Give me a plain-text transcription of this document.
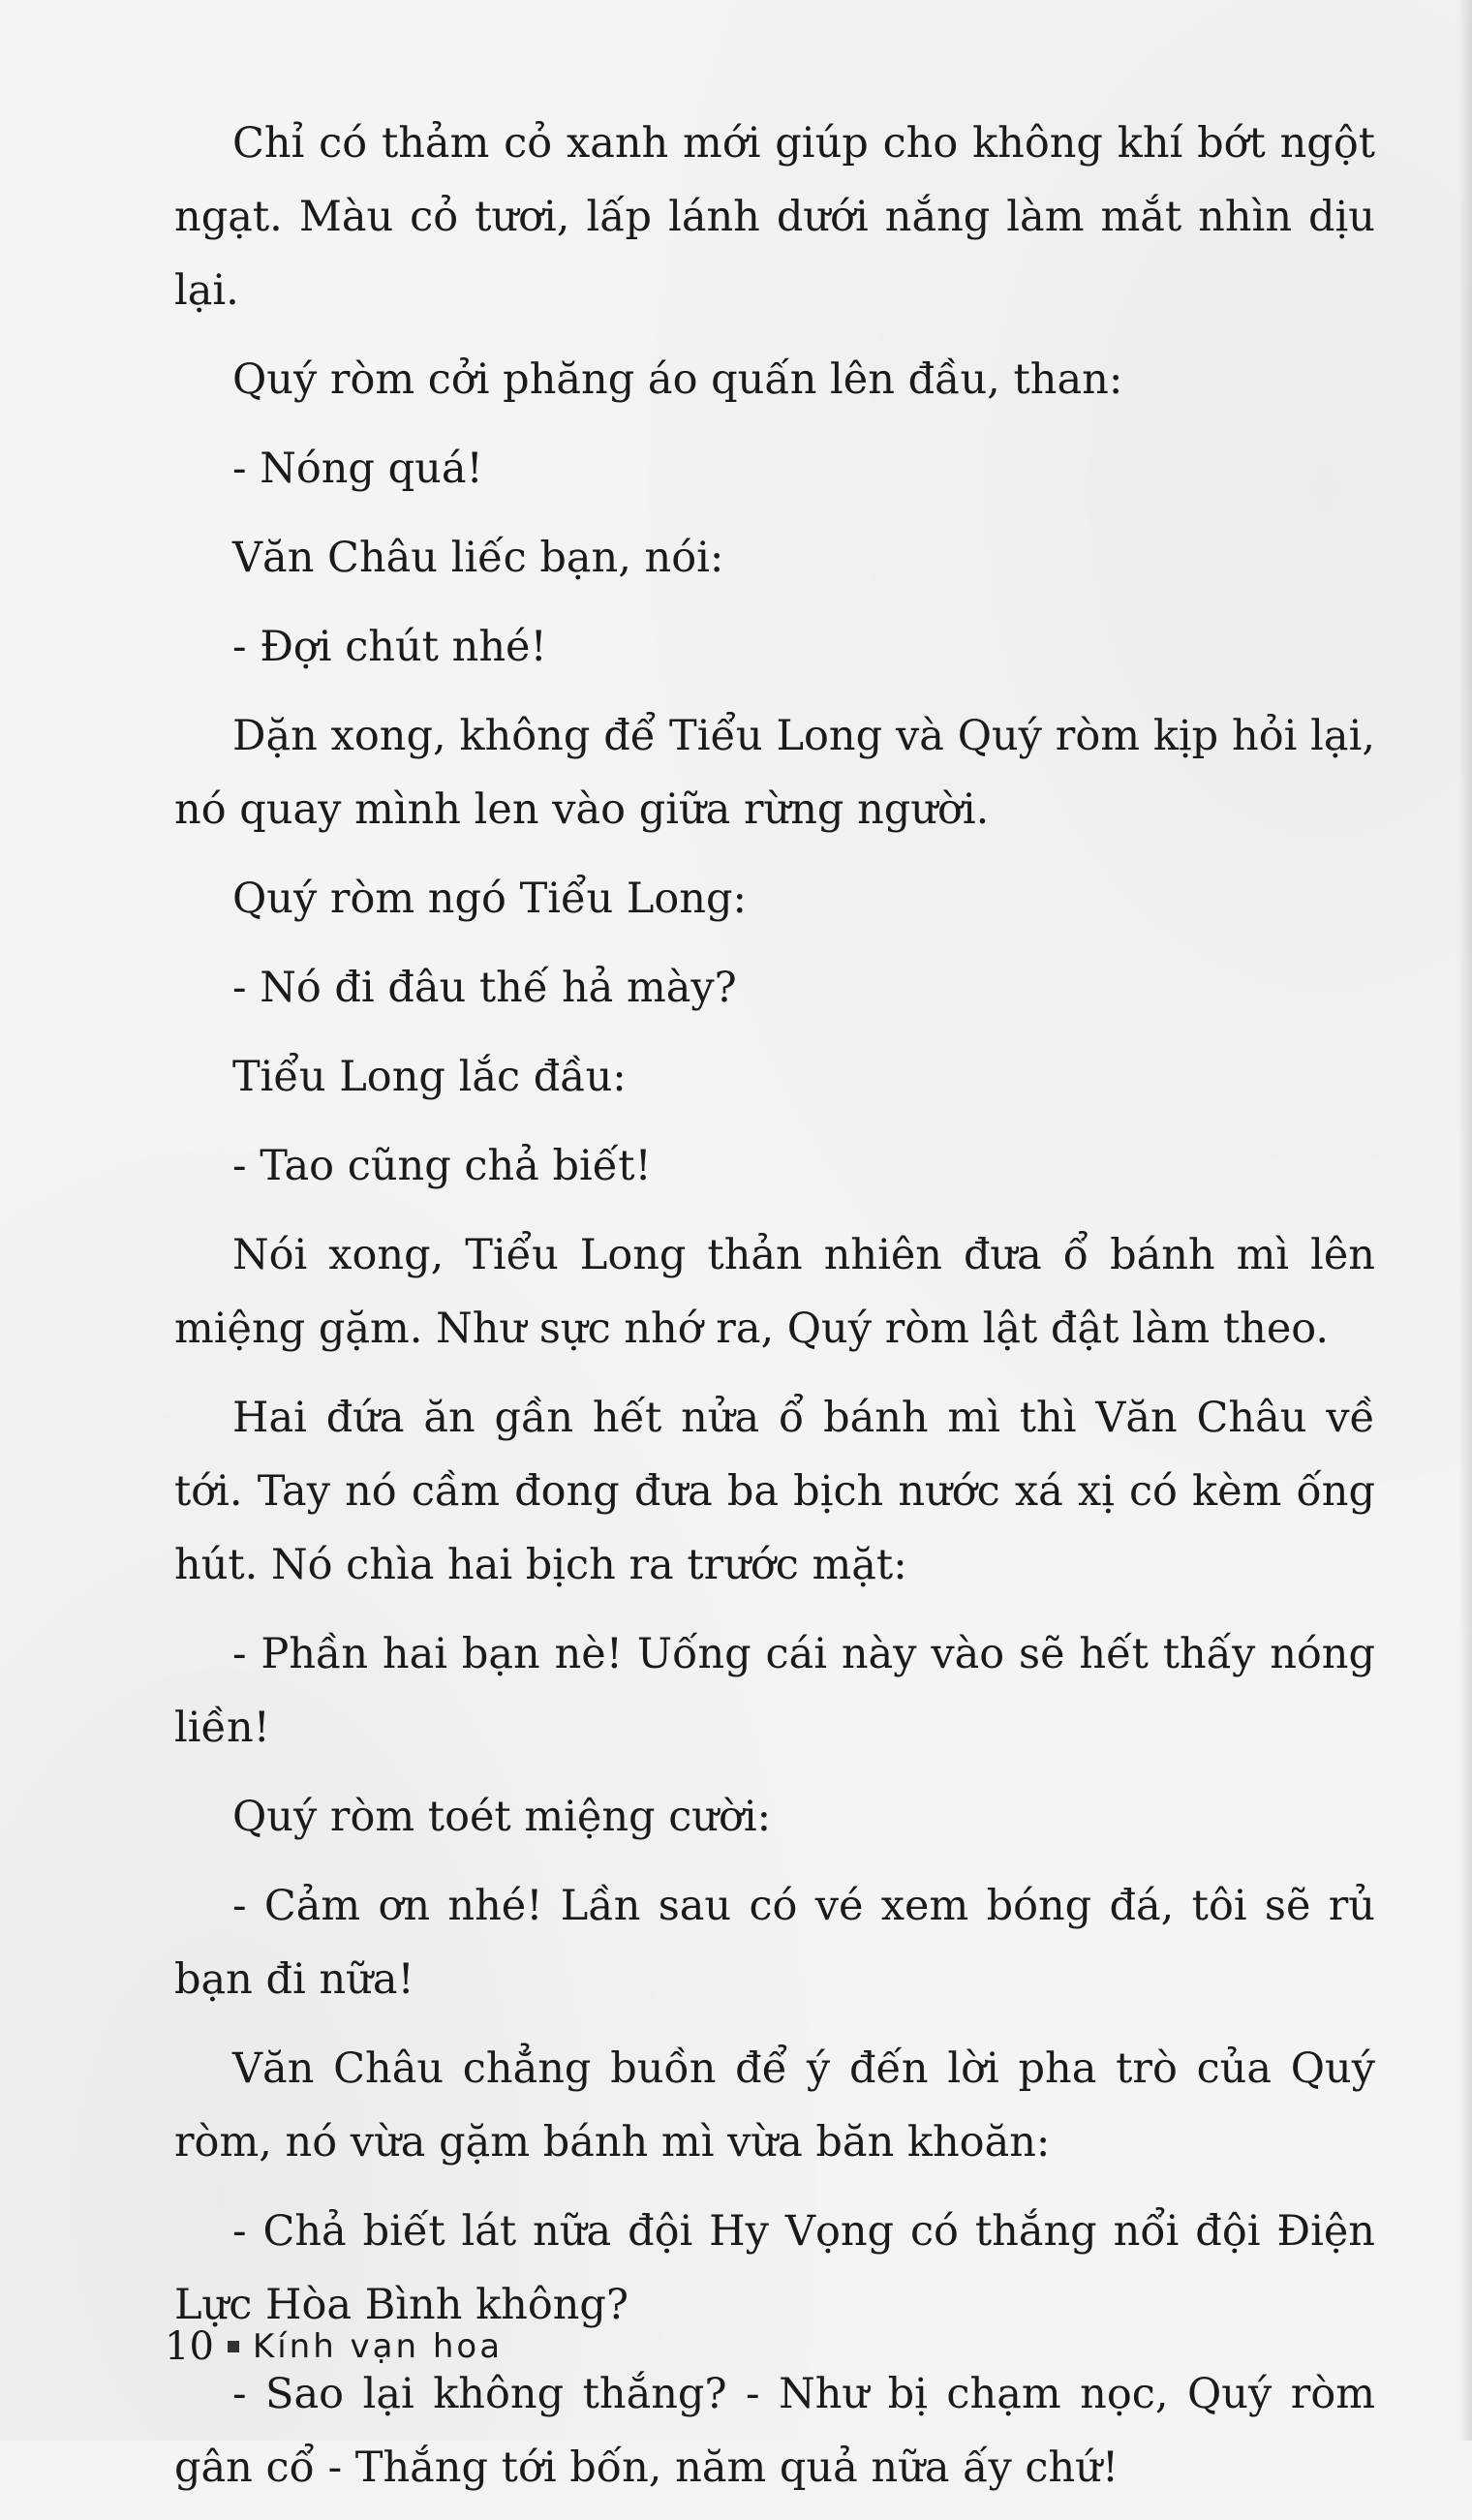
Chỉ có thảm cỏ xanh mới giúp cho không khí bớt ngột ngạt. Màu cỏ tươi, lấp lánh dưới nắng làm mắt nhìn dịu lại.

Quý ròm cởi phăng áo quấn lên đầu, than:

- Nóng quá!

Văn Châu liếc bạn, nói:

- Đợi chút nhé!

Dặn xong, không để Tiểu Long và Quý ròm kịp hỏi lại, nó quay mình len vào giữa rừng người.

Quý ròm ngó Tiểu Long:

- Nó đi đâu thế hả mày?

Tiểu Long lắc đầu:

- Tao cũng chả biết!

Nói xong, Tiểu Long thản nhiên đưa ổ bánh mì lên miệng gặm. Như sực nhớ ra, Quý ròm lật đật làm theo.

Hai đứa ăn gần hết nửa ổ bánh mì thì Văn Châu về tới. Tay nó cầm đong đưa ba bịch nước xá xị có kèm ống hút. Nó chìa hai bịch ra trước mặt:

- Phần hai bạn nè! Uống cái này vào sẽ hết thấy nóng liền!

Quý ròm toét miệng cười:

- Cảm ơn nhé! Lần sau có vé xem bóng đá, tôi sẽ rủ bạn đi nữa!

Văn Châu chẳng buồn để ý đến lời pha trò của Quý ròm, nó vừa gặm bánh mì vừa băn khoăn:

- Chả biết lát nữa đội Hy Vọng có thắng nổi đội Điện Lực Hòa Bình không?

- Sao lại không thắng? - Như bị chạm nọc, Quý ròm gân cổ - Thắng tới bốn, năm quả nữa ấy chứ!

10 Kính vạn hoa
